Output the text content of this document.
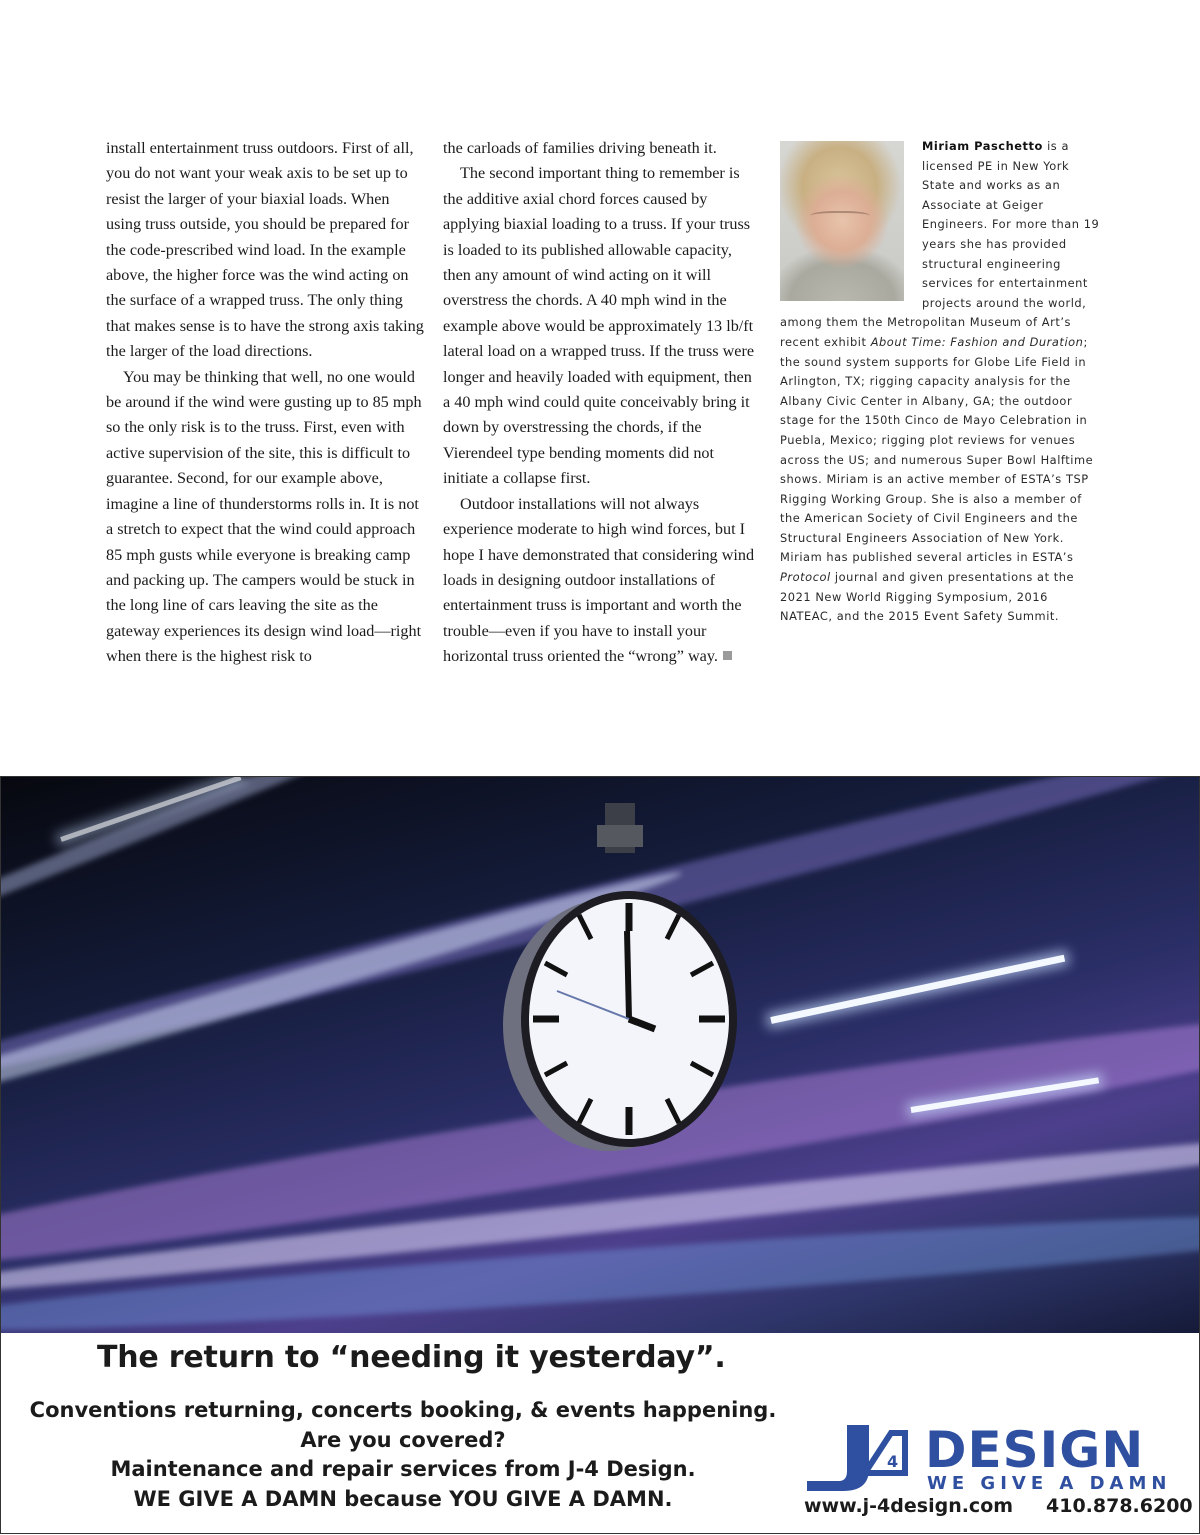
install entertainment truss outdoors. First of all, you do not want your weak axis to be set up to resist the larger of your biaxial loads. When using truss outside, you should be prepared for the code-prescribed wind load. In the example above, the higher force was the wind acting on the surface of a wrapped truss. The only thing that makes sense is to have the strong axis taking the larger of the load directions.

You may be thinking that well, no one would be around if the wind were gusting up to 85 mph so the only risk is to the truss. First, even with active supervision of the site, this is difficult to guarantee. Second, for our example above, imagine a line of thunderstorms rolls in. It is not a stretch to expect that the wind could approach 85 mph gusts while everyone is breaking camp and packing up. The campers would be stuck in the long line of cars leaving the site as the gateway experiences its design wind load—right when there is the highest risk to

the carloads of families driving beneath it.

The second important thing to remember is the additive axial chord forces caused by applying biaxial loading to a truss. If your truss is loaded to its published allowable capacity, then any amount of wind acting on it will overstress the chords. A 40 mph wind in the example above would be approximately 13 lb/ft lateral load on a wrapped truss. If the truss were longer and heavily loaded with equipment, then a 40 mph wind could quite conceivably bring it down by overstressing the chords, if the Vierendeel type bending moments did not initiate a collapse first.

Outdoor installations will not always experience moderate to high wind forces, but I hope I have demonstrated that considering wind loads in designing outdoor installations of entertainment truss is important and worth the trouble—even if you have to install your horizontal truss oriented the “wrong” way.

Miriam Paschetto is a licensed PE in New York State and works as an Associate at Geiger Engineers. For more than 19 years she has provided structural engineering services for entertainment projects around the world, among them the Metropolitan Museum of Art’s recent exhibit About Time: Fashion and Duration; the sound system supports for Globe Life Field in Arlington, TX; rigging capacity analysis for the Albany Civic Center in Albany, GA; the outdoor stage for the 150th Cinco de Mayo Celebration in Puebla, Mexico; rigging plot reviews for venues across the US; and numerous Super Bowl Halftime shows. Miriam is an active member of ESTA’s TSP Rigging Working Group. She is also a member of the American Society of Civil Engineers and the Structural Engineers Association of New York. Miriam has published several articles in ESTA’s Protocol journal and given presentations at the 2021 New World Rigging Symposium, 2016 NATEAC, and the 2015 Event Safety Summit.
The return to “needing it yesterday”.
Conventions returning, concerts booking, & events happening.
Are you covered?
Maintenance and repair services from J-4 Design.
WE GIVE A DAMN because YOU GIVE A DAMN.
4 DESIGN
WE GIVE A DAMN
www.j-4design.com 410.878.6200
